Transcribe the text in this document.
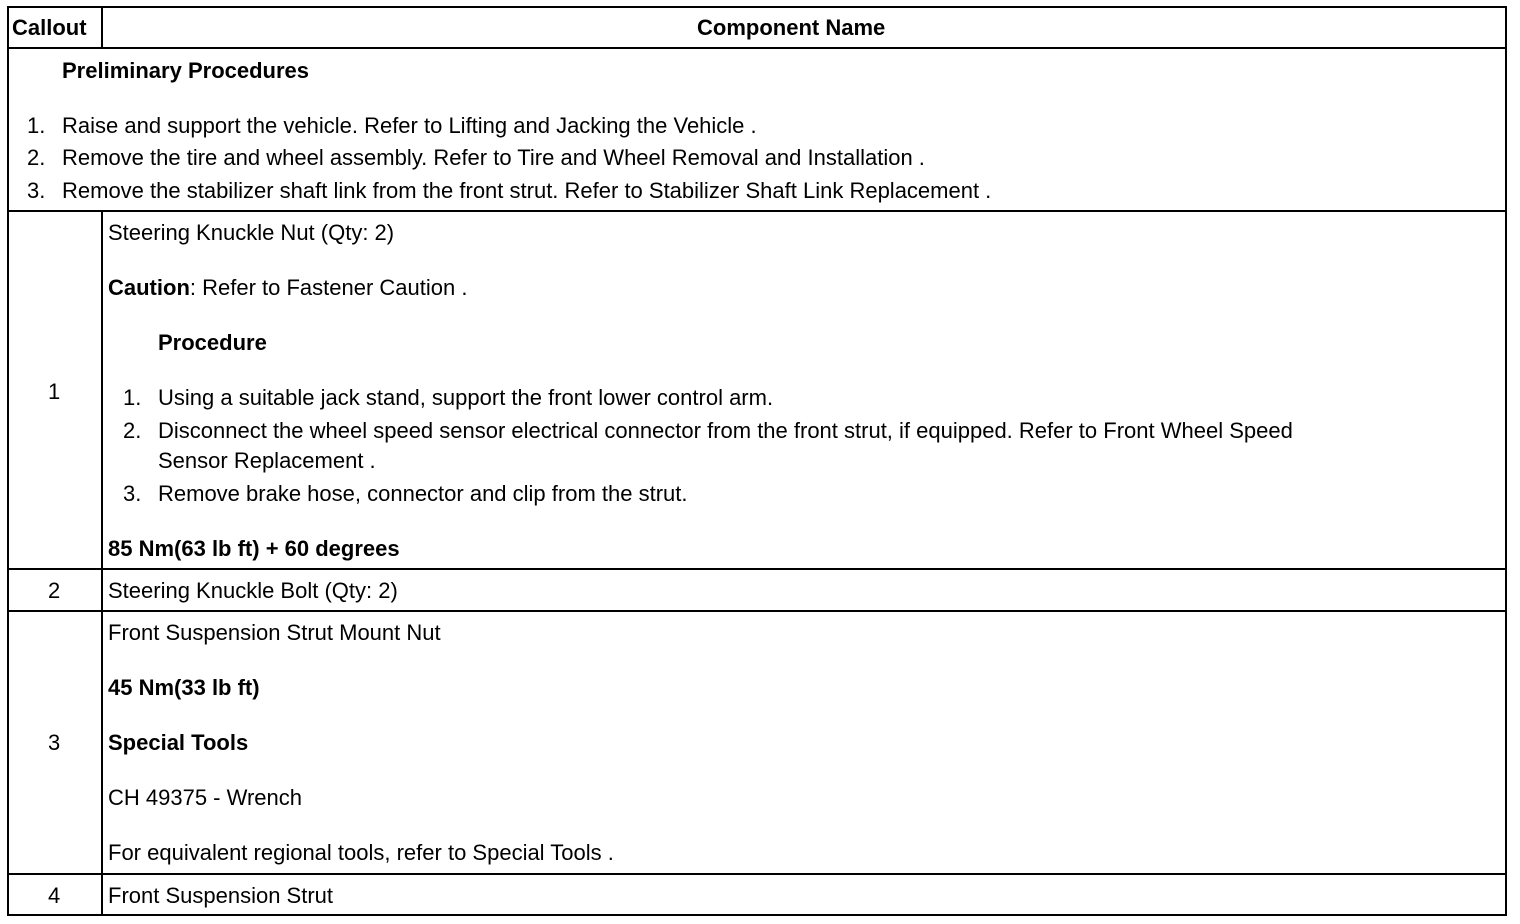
Callout	Component Name
Preliminary Procedures
1. Raise and support the vehicle. Refer to Lifting and Jacking the Vehicle .
2. Remove the tire and wheel assembly. Refer to Tire and Wheel Removal and Installation .
3. Remove the stabilizer shaft link from the front strut. Refer to Stabilizer Shaft Link Replacement .
1
Steering Knuckle Nut (Qty: 2)
Caution: Refer to Fastener Caution .
Procedure
1. Using a suitable jack stand, support the front lower control arm.
2. Disconnect the wheel speed sensor electrical connector from the front strut, if equipped. Refer to Front Wheel Speed
Sensor Replacement .
3. Remove brake hose, connector and clip from the strut.
85 Nm(63 lb ft) + 60 degrees
2 Steering Knuckle Bolt (Qty: 2)
3
Front Suspension Strut Mount Nut
45 Nm(33 lb ft)
Special Tools
CH 49375 - Wrench
For equivalent regional tools, refer to Special Tools .
4 Front Suspension Strut
